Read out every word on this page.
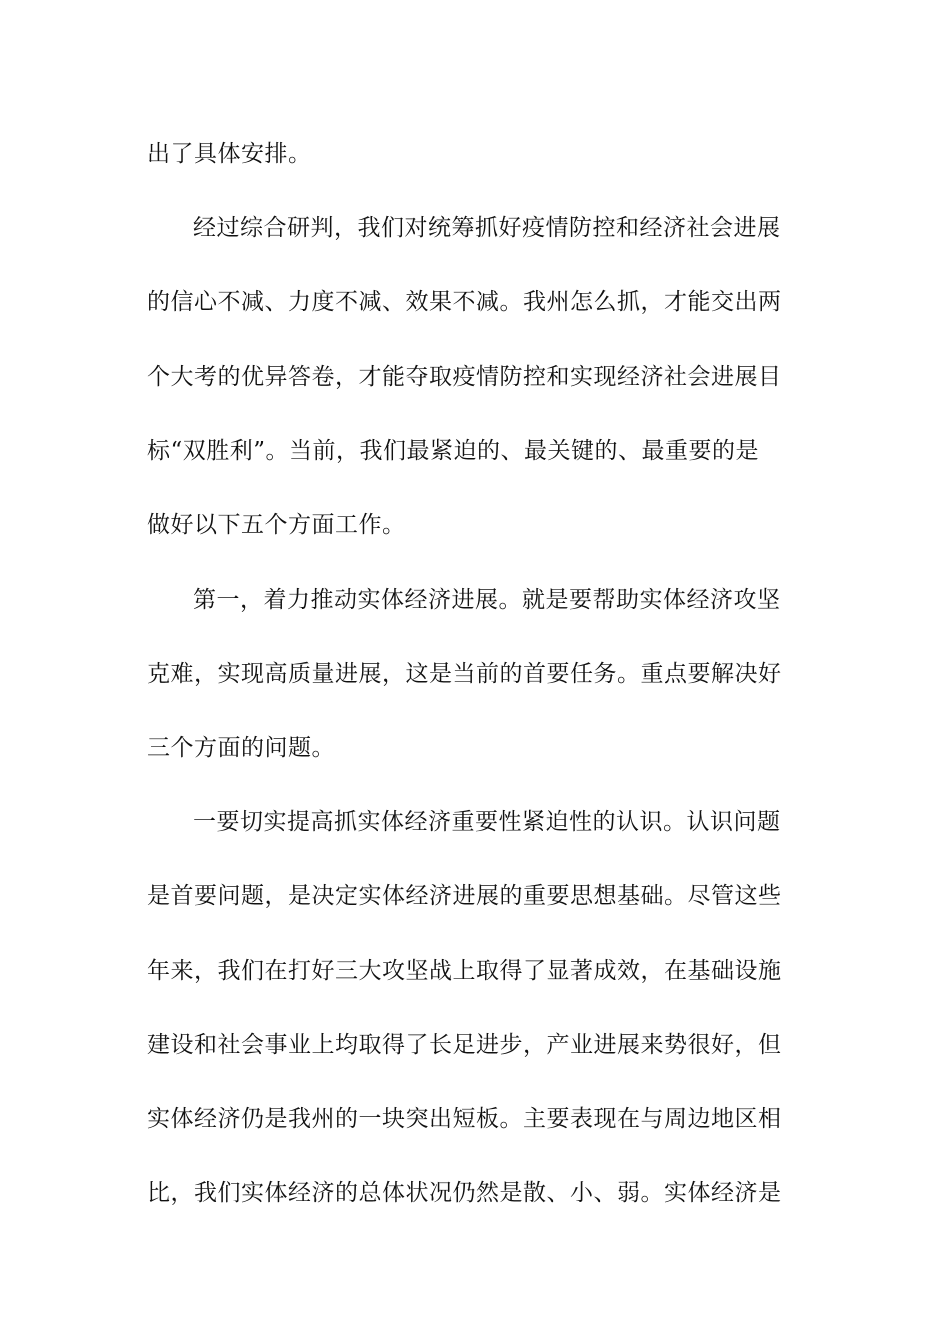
出了具体安排。
经过综合研判，我们对统筹抓好疫情防控和经济社会进展
的信心不减、力度不减、效果不减。我州怎么抓，才能交出两
个大考的优异答卷，才能夺取疫情防控和实现经济社会进展目
标“双胜利”。当前，我们最紧迫的、最关键的、最重要的是
做好以下五个方面工作。
第一，着力推动实体经济进展。就是要帮助实体经济攻坚
克难，实现高质量进展，这是当前的首要任务。重点要解决好
三个方面的问题。
一要切实提高抓实体经济重要性紧迫性的认识。认识问题
是首要问题，是决定实体经济进展的重要思想基础。尽管这些
年来，我们在打好三大攻坚战上取得了显著成效，在基础设施
建设和社会事业上均取得了长足进步，产业进展来势很好，但
实体经济仍是我州的一块突出短板。主要表现在与周边地区相
比，我们实体经济的总体状况仍然是散、小、弱。实体经济是
